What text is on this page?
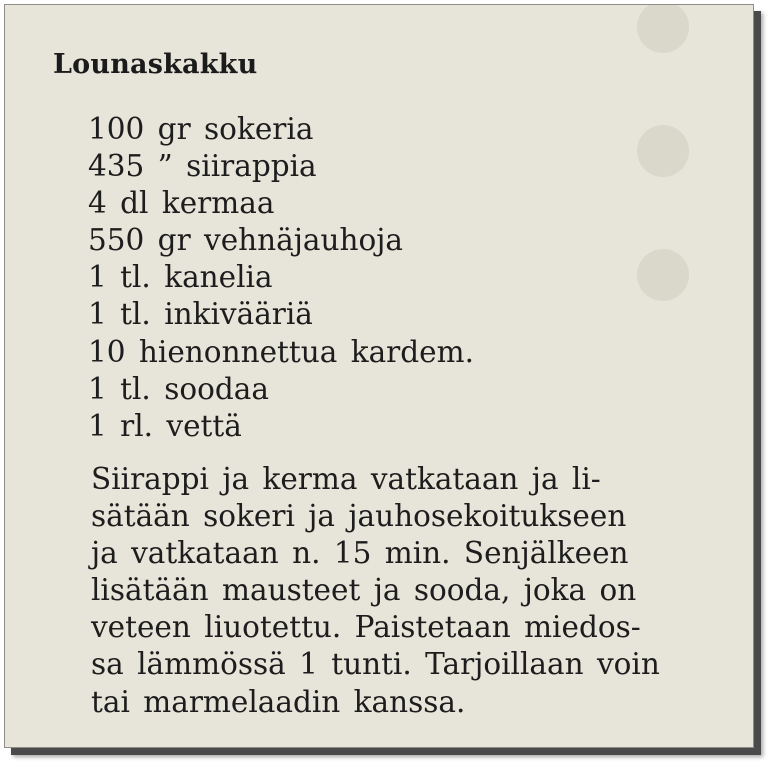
Lounaskakku
100 gr sokeria
435 ” siirappia
4 dl kermaa
550 gr vehnäjauhoja
1 tl. kanelia
1 tl. inkivääriä
10 hienonnettua kardem.
1 tl. soodaa
1 rl. vettä
Siirappi ja kerma vatkataan ja li-
sätään sokeri ja jauhosekoitukseen
ja vatkataan n. 15 min. Senjälkeen
lisätään mausteet ja sooda, joka on
veteen liuotettu. Paistetaan miedos-
sa lämmössä 1 tunti. Tarjoillaan voin
tai marmelaadin kanssa.
